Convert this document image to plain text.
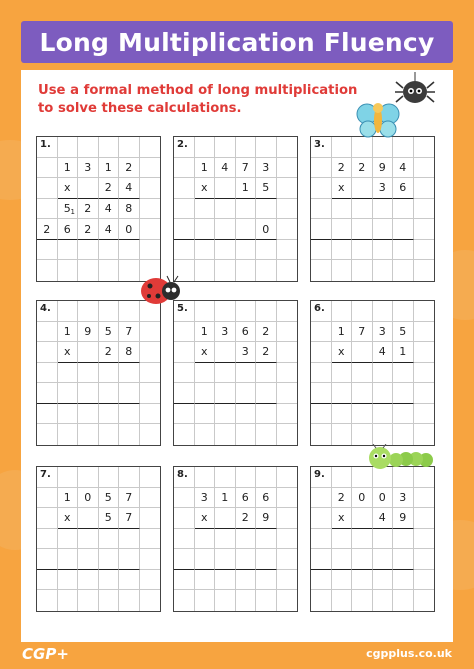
Long Multiplication Fluency
Use a formal method of long multiplication to solve these calculations.
1.
1 3 1 2
x	2 4
5 1 2 4 8
2 6 2 4 0
2.
1 4 7 3
x	1 5
0
3.
2 2 9 4
x	3 6
4.
1 9 5 7
x	2 8
5.
1 3 6 2
x	3 2
6.
1 7 3 5
x	4 1
7.
1 0 5 7
x	5 7
8.
3 1 6 6
x	2 9
9.
2 0 0 3
x	4 9
CGP+	cgpplus.co.uk
